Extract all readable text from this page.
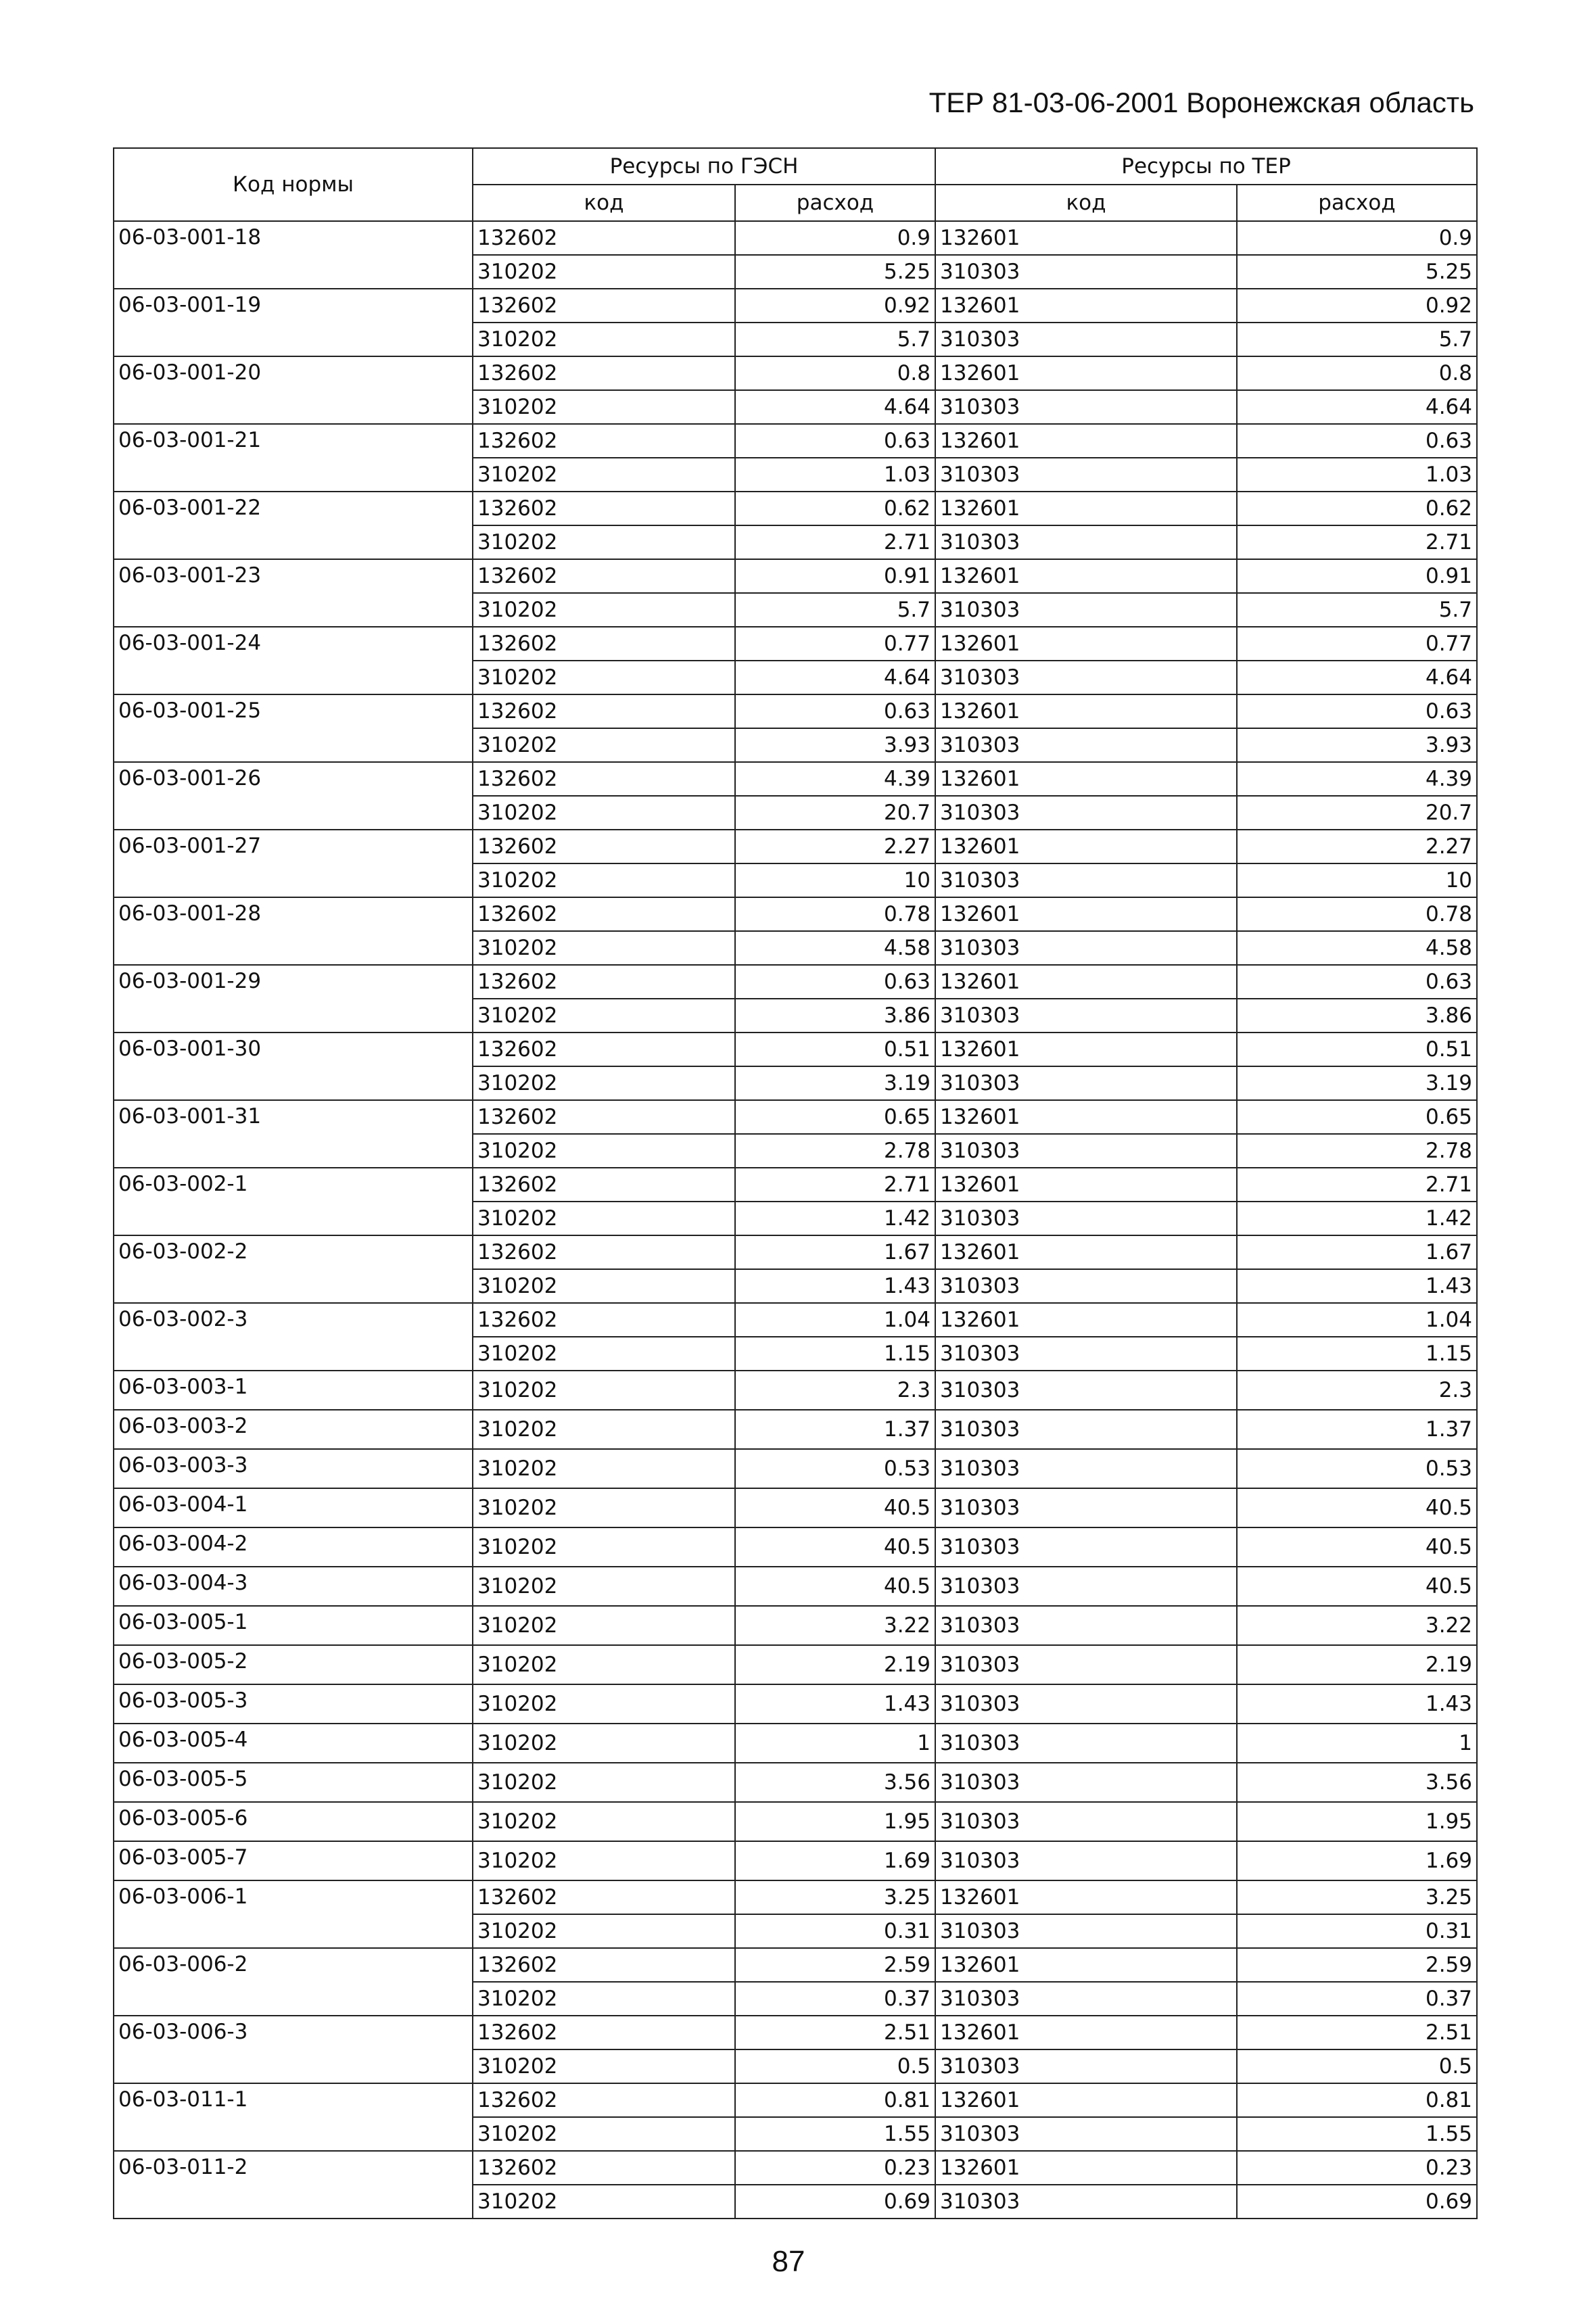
ТЕР 81-03-06-2001 Воронежская область
Код нормы	Ресурсы по ГЭСН		Ресурсы по ТЕР	
	код	расход	код	расход
06-03-001-18	132602	0.9	132601	0.9
	310202	5.25	310303	5.25
06-03-001-19	132602	0.92	132601	0.92
	310202	5.7	310303	5.7
06-03-001-20	132602	0.8	132601	0.8
	310202	4.64	310303	4.64
06-03-001-21	132602	0.63	132601	0.63
	310202	1.03	310303	1.03
06-03-001-22	132602	0.62	132601	0.62
	310202	2.71	310303	2.71
06-03-001-23	132602	0.91	132601	0.91
	310202	5.7	310303	5.7
06-03-001-24	132602	0.77	132601	0.77
	310202	4.64	310303	4.64
06-03-001-25	132602	0.63	132601	0.63
	310202	3.93	310303	3.93
06-03-001-26	132602	4.39	132601	4.39
	310202	20.7	310303	20.7
06-03-001-27	132602	2.27	132601	2.27
	310202	10	310303	10
06-03-001-28	132602	0.78	132601	0.78
	310202	4.58	310303	4.58
06-03-001-29	132602	0.63	132601	0.63
	310202	3.86	310303	3.86
06-03-001-30	132602	0.51	132601	0.51
	310202	3.19	310303	3.19
06-03-001-31	132602	0.65	132601	0.65
	310202	2.78	310303	2.78
06-03-002-1	132602	2.71	132601	2.71
	310202	1.42	310303	1.42
06-03-002-2	132602	1.67	132601	1.67
	310202	1.43	310303	1.43
06-03-002-3	132602	1.04	132601	1.04
	310202	1.15	310303	1.15
06-03-003-1	310202	2.3	310303	2.3
06-03-003-2	310202	1.37	310303	1.37
06-03-003-3	310202	0.53	310303	0.53
06-03-004-1	310202	40.5	310303	40.5
06-03-004-2	310202	40.5	310303	40.5
06-03-004-3	310202	40.5	310303	40.5
06-03-005-1	310202	3.22	310303	3.22
06-03-005-2	310202	2.19	310303	2.19
06-03-005-3	310202	1.43	310303	1.43
06-03-005-4	310202	1	310303	1
06-03-005-5	310202	3.56	310303	3.56
06-03-005-6	310202	1.95	310303	1.95
06-03-005-7	310202	1.69	310303	1.69
06-03-006-1	132602	3.25	132601	3.25
	310202	0.31	310303	0.31
06-03-006-2	132602	2.59	132601	2.59
	310202	0.37	310303	0.37
06-03-006-3	132602	2.51	132601	2.51
	310202	0.5	310303	0.5
06-03-011-1	132602	0.81	132601	0.81
	310202	1.55	310303	1.55
06-03-011-2	132602	0.23	132601	0.23
	310202	0.69	310303	0.69
87
